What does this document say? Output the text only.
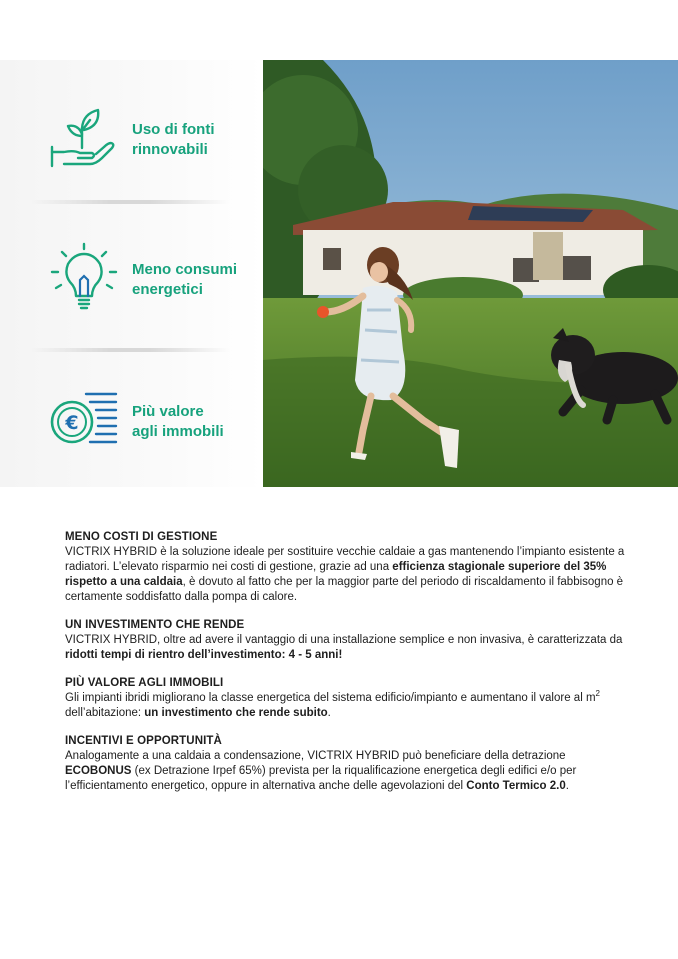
Uso di fonti
rinnovabili
Meno consumi
energetici
€
Più valore
agli immobili
MENO COSTI DI GESTIONE

VICTRIX HYBRID è la soluzione ideale per sostituire vecchie caldaie a gas mantenendo l’impianto esistente a radiatori. L’elevato risparmio nei costi di gestione, grazie ad una efficienza stagionale superiore del 35% rispetto a una caldaia, è dovuto al fatto che per la maggior parte del periodo di riscaldamento il fabbisogno è certamente soddisfatto dalla pompa di calore.

UN INVESTIMENTO CHE RENDE

VICTRIX HYBRID, oltre ad avere il vantaggio di una installazione semplice e non invasiva, è caratterizzata da ridotti tempi di rientro dell’investimento: 4 - 5 anni!

PIÙ VALORE AGLI IMMOBILI

Gli impianti ibridi migliorano la classe energetica del sistema edificio/impianto e aumentano il valore al $m^2$ dell’abitazione: un investimento che rende subito.

INCENTIVI E OPPORTUNITÀ

Analogamente a una caldaia a condensazione, VICTRIX HYBRID può beneficiare della detrazione ECOBONUS (ex Detrazione Irpef 65%) prevista per la riqualificazione energetica degli edifici e/o per l’efficientamento energetico, oppure in alternativa anche delle agevolazioni del Conto Termico 2.0.
